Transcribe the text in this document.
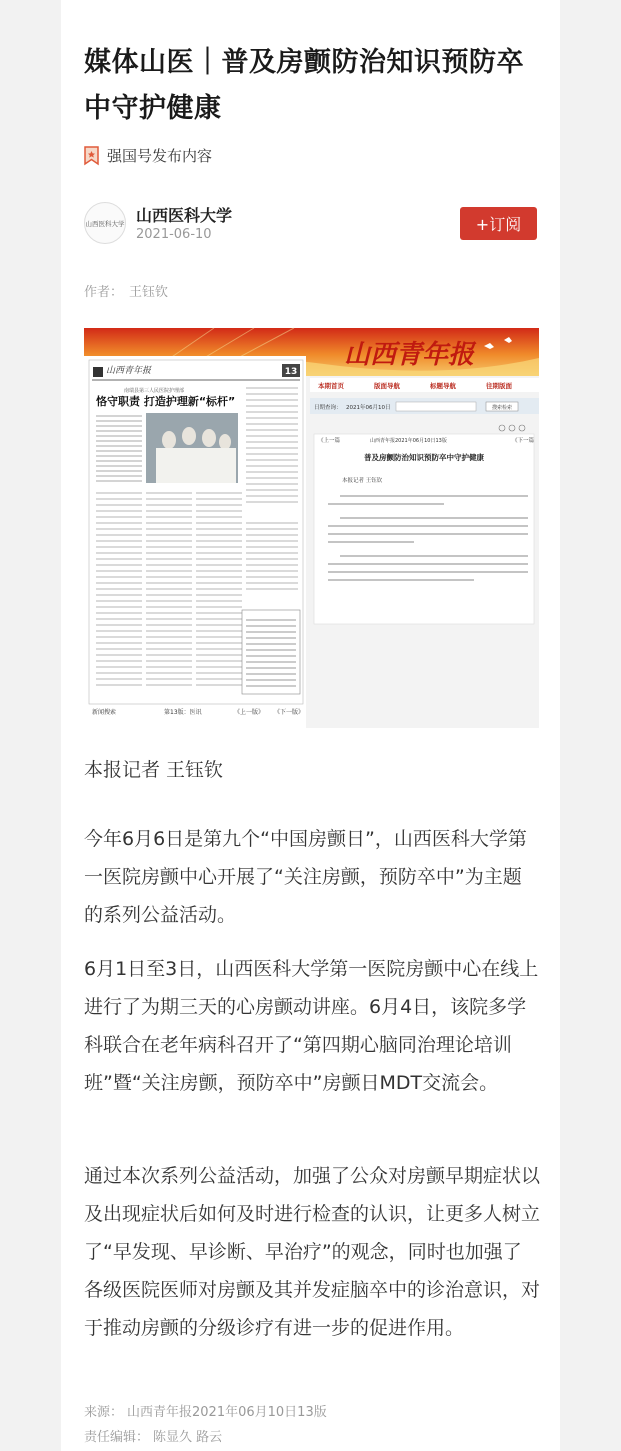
媒体山医｜普及房颤防治知识预防卒中守护健康
强国号发布内容
山西医科大学 山西医科大学
2021-06-10
+订阅
作者： 王钰钦
山西青年报
山西青年报	13
南瑞县第三人民医院护理部
恪守职责 打造护理新“标杆”
新闻搜索	第13版：医讯	《上一版》 《下一版》
本期首页	版面导航	标题导航	往期版面
日期查询： 2021年06月10日	搜索检索
《上一篇	山西青年报2021年06月10日13版	《下一篇
普及房颤防治知识预防卒中守护健康
本报记者 王钰钦
本报记者 王钰钦
今年6月6日是第九个“中国房颤日”，山西医科大学第一医院房颤中心开展了“关注房颤，预防卒中”为主题的系列公益活动。
6月1日至3日，山西医科大学第一医院房颤中心在线上进行了为期三天的心房颤动讲座。6月4日，该院多学科联合在老年病科召开了“第四期心脑同治理论培训班”暨“关注房颤，预防卒中”房颤日MDT交流会。
通过本次系列公益活动，加强了公众对房颤早期症状以及出现症状后如何及时进行检查的认识，让更多人树立了“早发现、早诊断、早治疗”的观念，同时也加强了各级医院医师对房颤及其并发症脑卒中的诊治意识，对于推动房颤的分级诊疗有进一步的促进作用。
来源： 山西青年报2021年06月10日13版
责任编辑： 陈显久 路云
